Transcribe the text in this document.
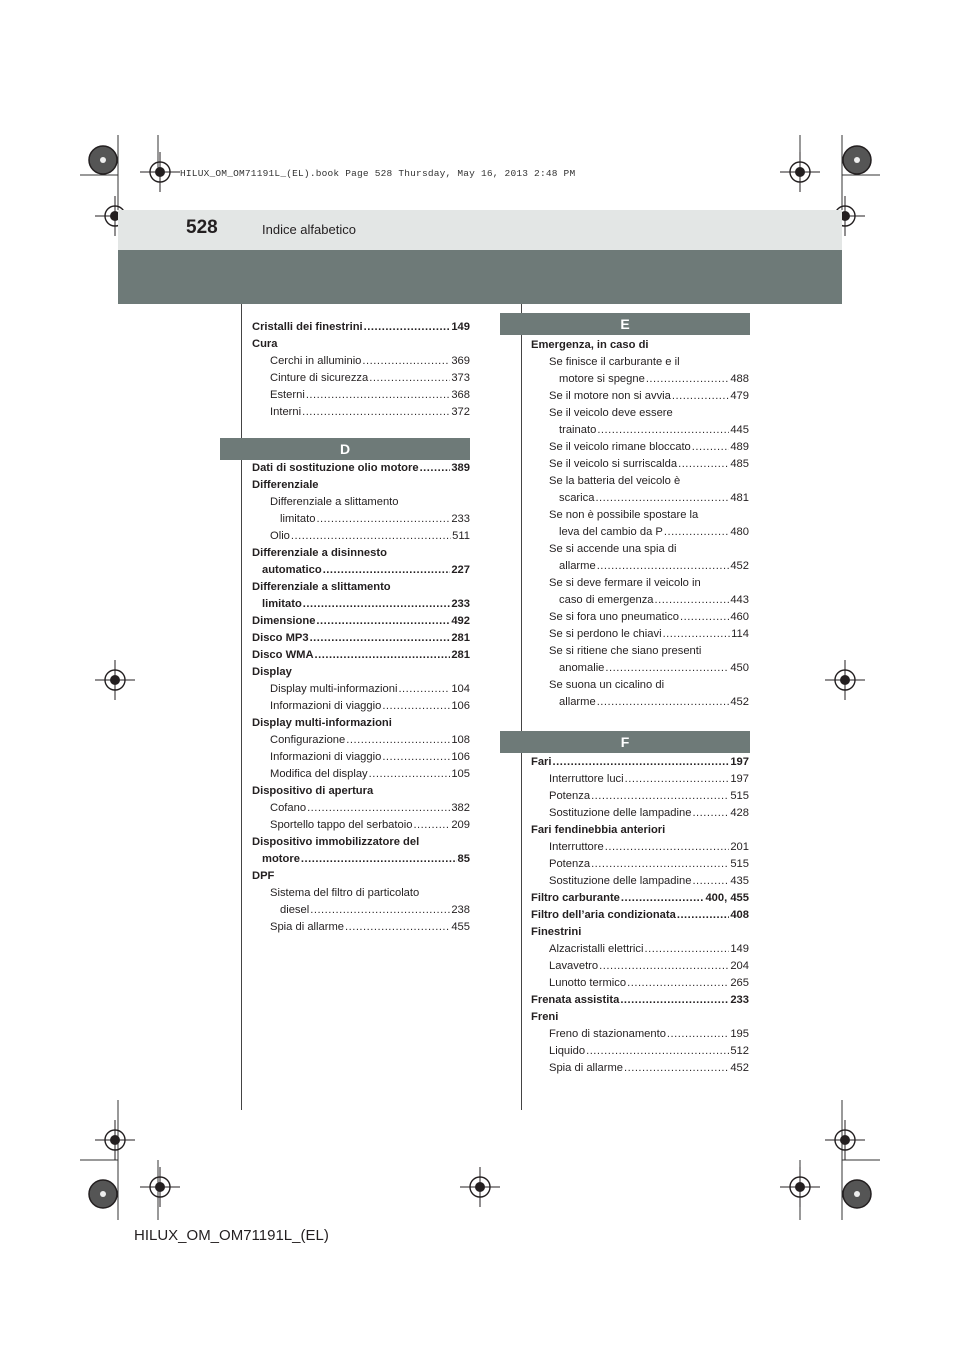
HILUX_OM_OM71191L_(EL).book Page 528 Thursday, May 16, 2013 2:48 PM
528	Indice alfabetico
Cristalli dei finestrini .....	149
Cura
Cerchi in alluminio .....	369
Cinture di sicurezza .....	373
Esterni .....	368
Interni .....	372
D
Dati di sostituzione olio motore .....	389
Differenziale
Differenziale a slittamento
limitato .....	233
Olio .....	511
Differenziale a disinnesto
automatico .....	227
Differenziale a slittamento
limitato .....	233
Dimensione .....	492
Disco MP3 .....	281
Disco WMA .....	281
Display
Display multi-informazioni .....	104
Informazioni di viaggio .....	106
Display multi-informazioni
Configurazione .....	108
Informazioni di viaggio .....	106
Modifica del display .....	105
Dispositivo di apertura
Cofano .....	382
Sportello tappo del serbatoio .....	209
Dispositivo immobilizzatore del
motore .....	85
DPF
Sistema del filtro di particolato
diesel .....	238
Spia di allarme .....	455
E
Emergenza, in caso di
Se finisce il carburante e il
motore si spegne .....	488
Se il motore non si avvia .....	479
Se il veicolo deve essere
trainato .....	445
Se il veicolo rimane bloccato .....	489
Se il veicolo si surriscalda .....	485
Se la batteria del veicolo è
scarica .....	481
Se non è possibile spostare la
leva del cambio da P .....	480
Se si accende una spia di
allarme .....	452
Se si deve fermare il veicolo in
caso di emergenza .....	443
Se si fora uno pneumatico .....	460
Se si perdono le chiavi .....	114
Se si ritiene che siano presenti
anomalie .....	450
Se suona un cicalino di
allarme .....	452
F
Fari .....	197
Interruttore luci .....	197
Potenza .....	515
Sostituzione delle lampadine .....	428
Fari fendinebbia anteriori
Interruttore .....	201
Potenza .....	515
Sostituzione delle lampadine .....	435
Filtro carburante .....	400, 455
Filtro dell’aria condizionata .....	408
Finestrini
Alzacristalli elettrici .....	149
Lavavetro .....	204
Lunotto termico .....	265
Frenata assistita .....	233
Freni
Freno di stazionamento .....	195
Liquido .....	512
Spia di allarme .....	452
HILUX_OM_OM71191L_(EL)
